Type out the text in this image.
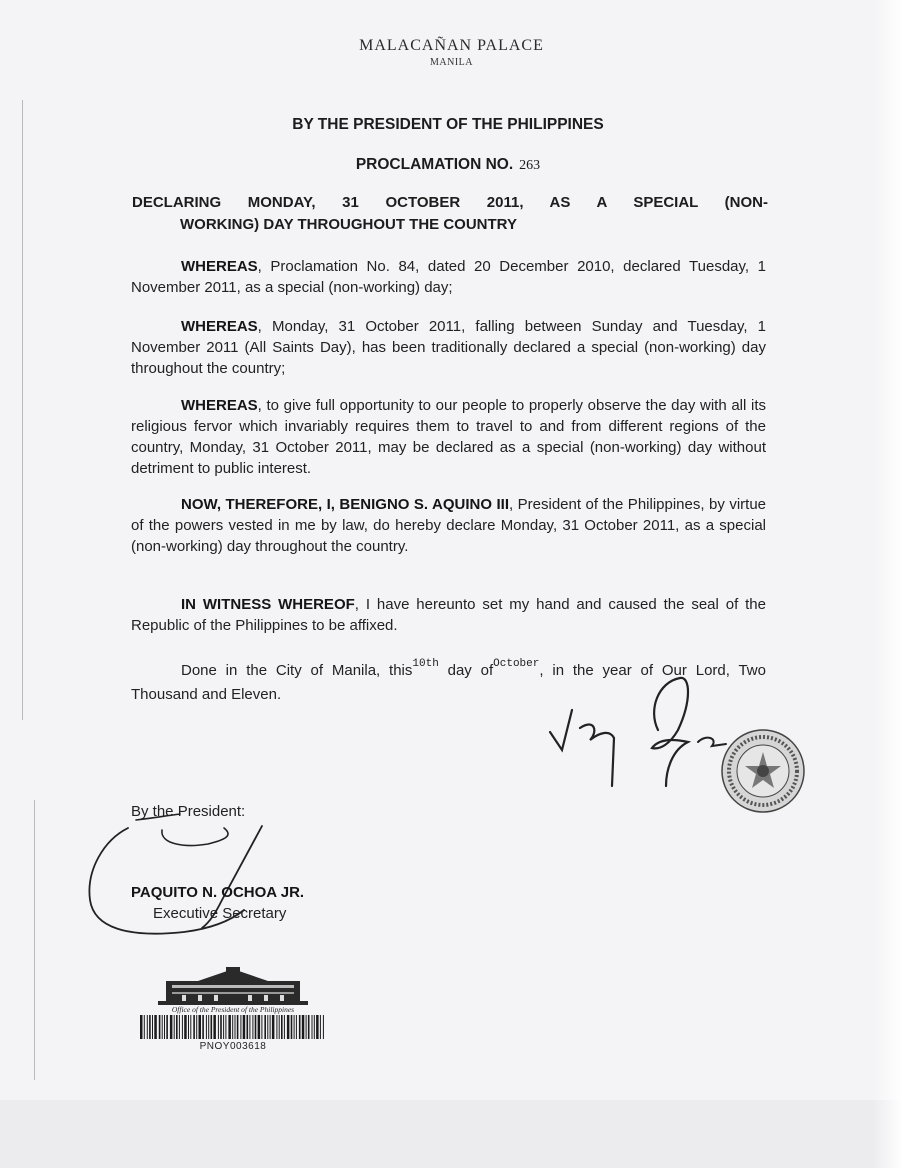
MALACAÑAN PALACE
MANILA
BY THE PRESIDENT OF THE PHILIPPINES
PROCLAMATION NO. 263
DECLARING MONDAY, 31 OCTOBER 2011, AS A SPECIAL (NON-
WORKING) DAY THROUGHOUT THE COUNTRY
WHEREAS, Proclamation No. 84, dated 20 December 2010, declared Tuesday, 1 November 2011, as a special (non-working) day;
WHEREAS, Monday, 31 October 2011, falling between Sunday and Tuesday, 1 November 2011 (All Saints Day), has been traditionally declared a special (non-working) day throughout the country;
WHEREAS, to give full opportunity to our people to properly observe the day with all its religious fervor which invariably requires them to travel to and from different regions of the country, Monday, 31 October 2011, may be declared as a special (non-working) day without detriment to public interest.
NOW, THEREFORE, I, BENIGNO S. AQUINO III, President of the Philippines, by virtue of the powers vested in me by law, do hereby declare Monday, 31 October 2011, as a special (non-working) day throughout the country.
IN WITNESS WHEREOF, I have hereunto set my hand and caused the seal of the Republic of the Philippines to be affixed.
Done in the City of Manila, this$^{10th}$ day $of^{October}$, in the year of Our Lord, Two Thousand and Eleven.
By the President:
PAQUITO N. OCHOA JR.
Executive Secretary
Office of the President of the Philippines
PNOY003618
